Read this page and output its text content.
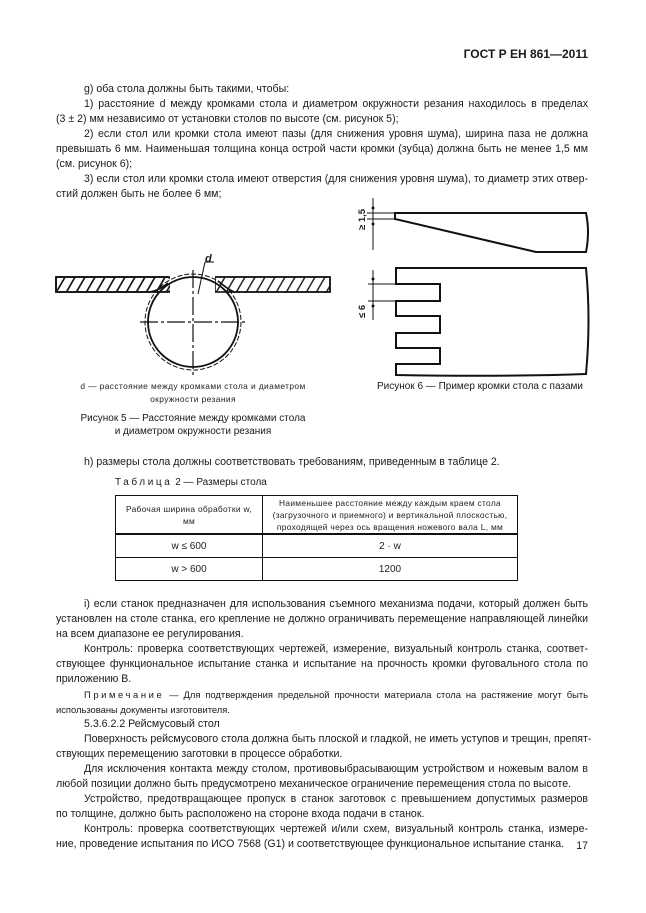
ГОСТ Р ЕН 861—2011
g) оба стола должны быть такими, чтобы:
1) расстояние d между кромками стола и диаметром окружности резания находилось в пределах
(3 ± 2) мм независимо от установки столов по высоте (см. рисунок 5);
2) если стол или кромки стола имеют пазы (для снижения уровня шума), ширина паза не должна
превышать 6 мм. Наименьшая толщина конца острой части кромки (зубца) должна быть не менее 1,5 мм
(см. рисунок 6);
3) если стол или кромки стола имеют отверстия (для снижения уровня шума), то диаметр этих отвер-
стий должен быть не более 6 мм;
d
≥ 1,5
≤ 6
d — расстояние между кромками стола и диаметром
окружности резания
Рисунок 5 — Расстояние между кромками стола
и диаметром окружности резания
Рисунок 6 — Пример кромки стола с пазами
h) размеры стола должны соответствовать требованиям, приведенным в таблице 2.
Таблица 2 — Размеры стола
Рабочая ширина обработки w,
мм

Наименьшее расстояние между каждым краем стола
(загрузочного и приемного) и вертикальной плоскостью,
проходящей через ось вращения ножевого вала L, мм

w ≤ 600	2 · w
w > 600	1200
i) если станок предназначен для использования съемного механизма подачи, который должен быть
установлен на столе станка, его крепление не должно ограничивать перемещение направляющей линейки
на всем диапазоне ее регулирования.
Контроль: проверка соответствующих чертежей, измерение, визуальный контроль станка, соответ-
ствующее функциональное испытание станка и испытание на прочность кромки фуговального стола по
приложению В.
Примечание — Для подтверждения предельной прочности материала стола на растяжение могут быть
использованы документы изготовителя.
5.3.6.2.2 Рейсмусовый стол
Поверхность рейсмусового стола должна быть плоской и гладкой, не иметь уступов и трещин, препят-
ствующих перемещению заготовки в процессе обработки.
Для исключения контакта между столом, противовыбрасывающим устройством и ножевым валом в
любой позиции должно быть предусмотрено механическое ограничение перемещения стола по высоте.
Устройство, предотвращающее пропуск в станок заготовок с превышением допустимых размеров
по толщине, должно быть расположено на стороне входа подачи в станок.
Контроль: проверка соответствующих чертежей и/или схем, визуальный контроль станка, измере-
ние, проведение испытания по ИСО 7568 (G1) и соответствующее функциональное испытание станка.	17
